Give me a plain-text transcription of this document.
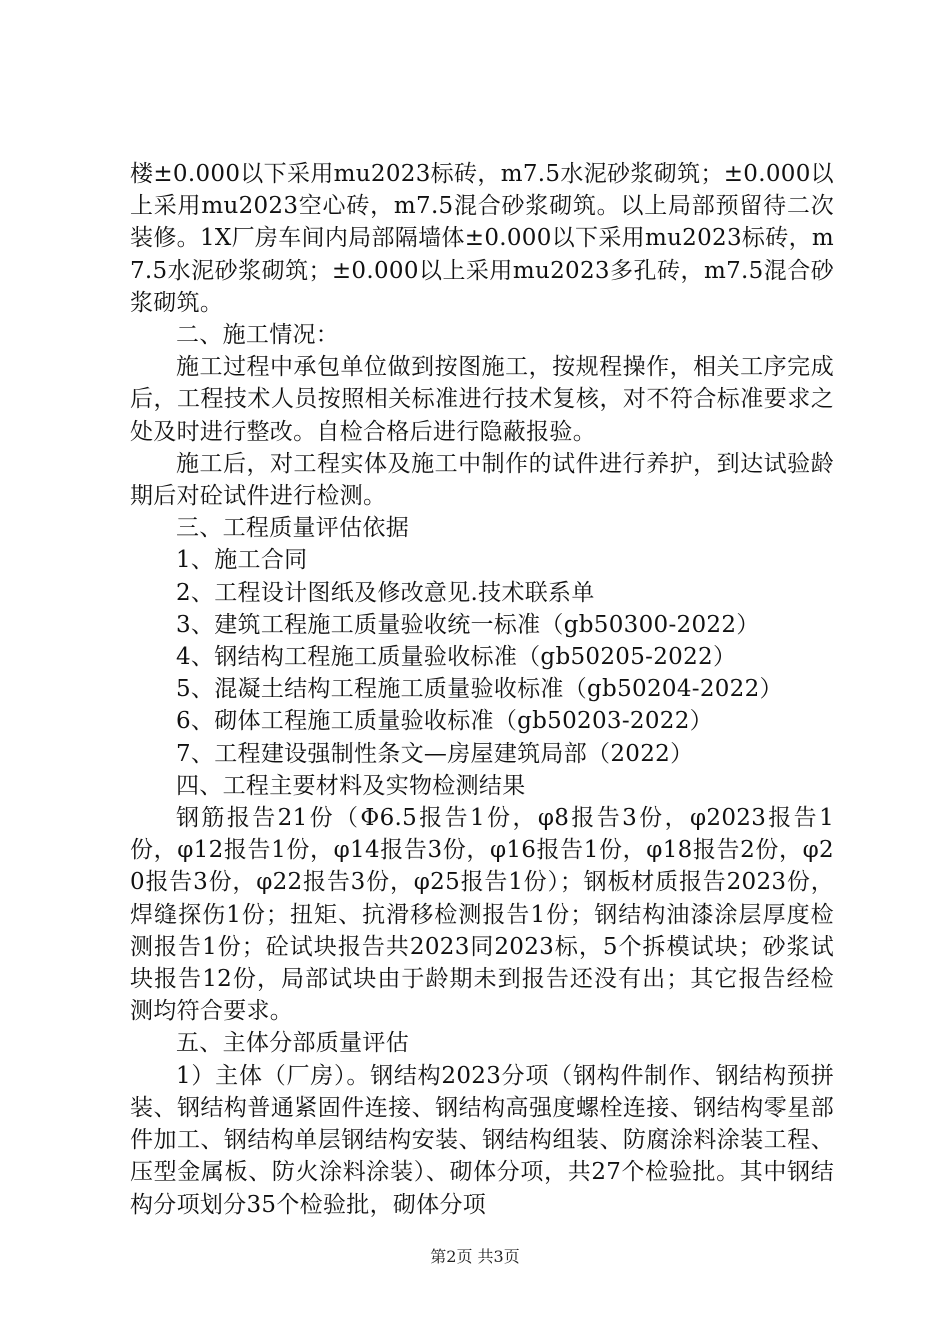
楼±0.000以下采用mu2023标砖，m7.5水泥砂浆砌筑；±0.000以上采用mu2023空心砖，m7.5混合砂浆砌筑。以上局部预留待二次装修。1X厂房车间内局部隔墙体±0.000以下采用mu2023标砖，m7.5水泥砂浆砌筑；±0.000以上采用mu2023多孔砖，m7.5混合砂浆砌筑。

二、施工情况：

施工过程中承包单位做到按图施工，按规程操作，相关工序完成后，工程技术人员按照相关标准进行技术复核，对不符合标准要求之处及时进行整改。自检合格后进行隐蔽报验。

施工后，对工程实体及施工中制作的试件进行养护，到达试验龄期后对砼试件进行检测。

三、工程质量评估依据

1、施工合同

2、工程设计图纸及修改意见.技术联系单

3、建筑工程施工质量验收统一标准（gb50300-2022）

4、钢结构工程施工质量验收标准（gb50205-2022）

5、混凝土结构工程施工质量验收标准（gb50204-2022）

6、砌体工程施工质量验收标准（gb50203-2022）

7、工程建设强制性条文—房屋建筑局部（2022）

四、工程主要材料及实物检测结果

钢筋报告21份（Φ6.5报告1份，φ8报告3份，φ2023报告1份，φ12报告1份，φ14报告3份，φ16报告1份，φ18报告2份，φ20报告3份，φ22报告3份，φ25报告1份）；钢板材质报告2023份，焊缝探伤1份；扭矩、抗滑移检测报告1份；钢结构油漆涂层厚度检测报告1份；砼试块报告共2023同2023标，5个拆模试块；砂浆试块报告12份，局部试块由于龄期未到报告还没有出；其它报告经检测均符合要求。

五、主体分部质量评估

1）主体（厂房）。钢结构2023分项（钢构件制作、钢结构预拼装、钢结构普通紧固件连接、钢结构高强度螺栓连接、钢结构零星部件加工、钢结构单层钢结构安装、钢结构组装、防腐涂料涂装工程、压型金属板、防火涂料涂装）、砌体分项，共27个检验批。其中钢结构分项划分35个检验批，砌体分项

第2页 共3页
